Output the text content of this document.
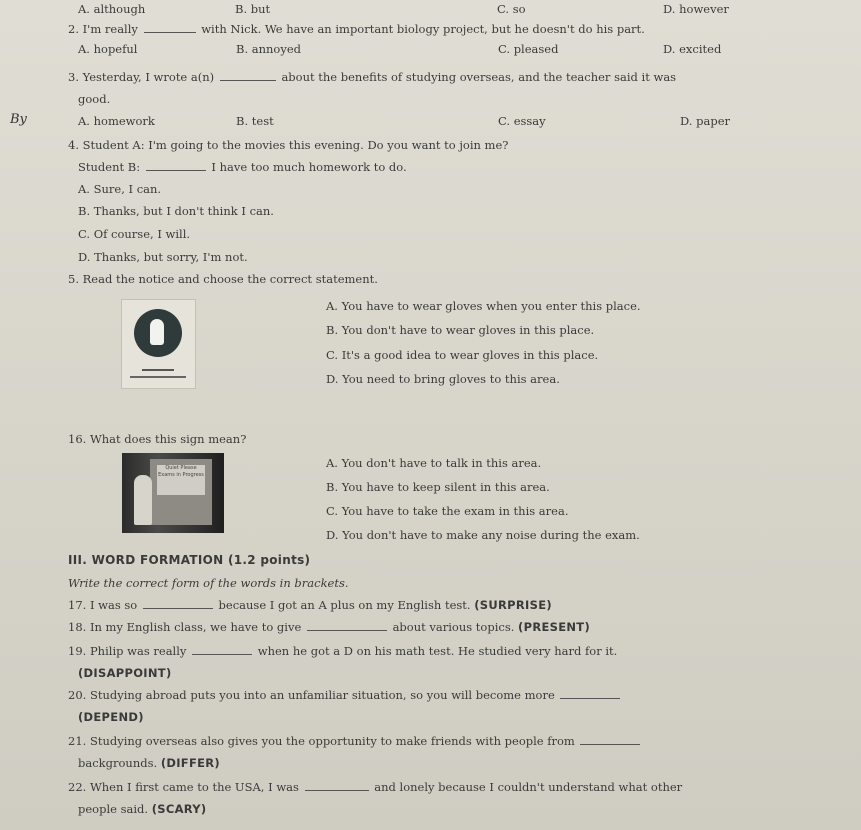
A. although	B. but	C. so	D. however
2. I'm really	with Nick. We have an important biology project, but he doesn't do his part.
A. hopeful	B. annoyed	C. pleased	D. excited
3. Yesterday, I wrote a(n)	about the benefits of studying overseas, and the teacher said it was
good.
By	A. homework	B. test	C. essay	D. paper
4. Student A: I'm going to the movies this evening. Do you want to join me?
Student B:	I have too much homework to do.
A. Sure, I can.
B. Thanks, but I don't think I can.
C. Of course, I will.
D. Thanks, but sorry, I'm not.
5. Read the notice and choose the correct statement.
A. You have to wear gloves when you enter this place.
B. You don't have to wear gloves in this place.
C. It's a good idea to wear gloves in this place.
D. You need to bring gloves to this area.
16. What does this sign mean?
Quiet Please Exams in Progress
A. You don't have to talk in this area.
B. You have to keep silent in this area.
C. You have to take the exam in this area.
D. You don't have to make any noise during the exam.
III. WORD FORMATION (1.2 points)
Write the correct form of the words in brackets.
17. I was so	because I got an A plus on my English test. (SURPRISE)
18. In my English class, we have to give	about various topics. (PRESENT)
19. Philip was really	when he got a D on his math test. He studied very hard for it.
(DISAPPOINT)
20. Studying abroad puts you into an unfamiliar situation, so you will become more
(DEPEND)
21. Studying overseas also gives you the opportunity to make friends with people from
backgrounds. (DIFFER)
22. When I first came to the USA, I was	and lonely because I couldn't understand what other
people said. (SCARY)
